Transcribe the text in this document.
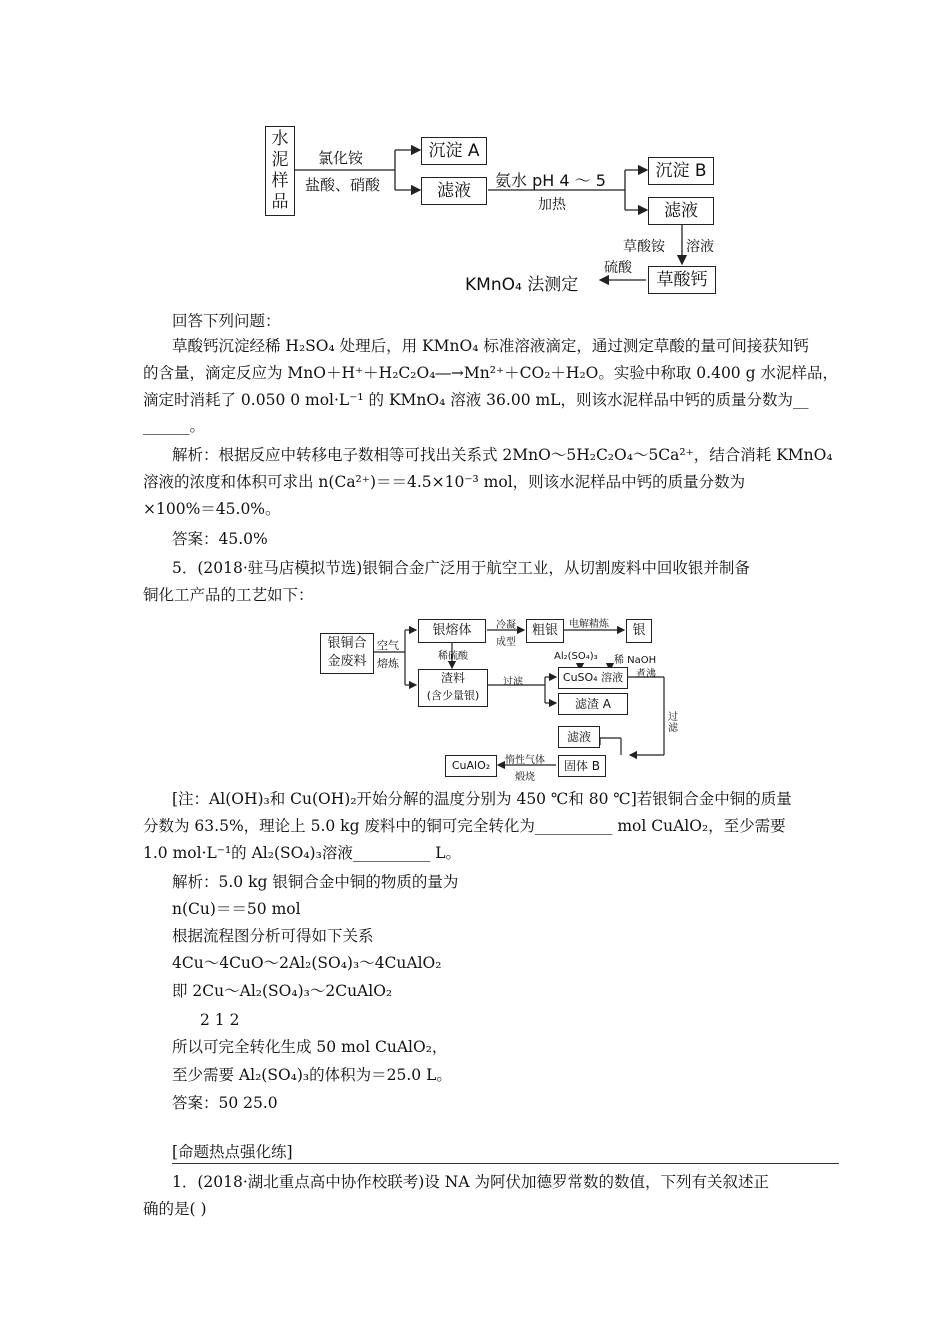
水泥样品
氯化铵
盐酸、硝酸
沉淀 A
滤液
氨水 pH 4 ～ 5
加热
沉淀 B
滤液
草酸铵 溶液
草酸钙
硫酸
KMnO₄ 法测定
回答下列问题：
草酸钙沉淀经稀 H₂SO₄ 处理后，用 KMnO₄ 标准溶液滴定，通过测定草酸的量可间接获知钙
的含量，滴定反应为 MnO＋H⁺＋H₂C₂O₄―→Mn²⁺＋CO₂＋H₂O。实验中称取 0.400 g 水泥样品，
滴定时消耗了 0.050 0 mol·L⁻¹ 的 KMnO₄ 溶液 36.00 mL，则该水泥样品中钙的质量分数为__
______。
解析：根据反应中转移电子数相等可找出关系式 2MnO～5H₂C₂O₄～5Ca²⁺，结合消耗 KMnO₄
溶液的浓度和体积可求出 n(Ca²⁺)＝＝4.5×10⁻³ mol，则该水泥样品中钙的质量分数为
×100%＝45.0%。
答案：45.0%
5．(2018·驻马店模拟节选)银铜合金广泛用于航空工业，从切割废料中回收银并制备
铜化工产品的工艺如下：
银铜合金废料
空气
熔炼
银熔体	冷凝
成型
粗银	电解精炼	银
稀硫酸
渣料
(含少量银)
过滤
Al₂(SO₄)₃ 稀 NaOH
煮沸
CuSO₄ 溶液
滤渣 A
过滤
滤液
固体 B
惰性气体
煅烧
CuAlO₂
[注：Al(OH)₃和 Cu(OH)₂开始分解的温度分别为 450 ℃和 80 ℃]若银铜合金中铜的质量
分数为 63.5%，理论上 5.0 kg 废料中的铜可完全转化为__________ mol CuAlO₂，至少需要
1.0 mol·L⁻¹的 Al₂(SO₄)₃溶液__________ L。
解析：5.0 kg 银铜合金中铜的物质的量为
n(Cu)＝＝50 mol
根据流程图分析可得如下关系
4Cu～4CuO～2Al₂(SO₄)₃～4CuAlO₂
即 2Cu～Al₂(SO₄)₃～2CuAlO₂
2 1 2
所以可完全转化生成 50 mol CuAlO₂，
至少需要 Al₂(SO₄)₃的体积为＝25.0 L。
答案：50 25.0
[命题热点强化练]
1．(2018·湖北重点高中协作校联考)设 NA 为阿伏加德罗常数的数值，下列有关叙述正
确的是( )
